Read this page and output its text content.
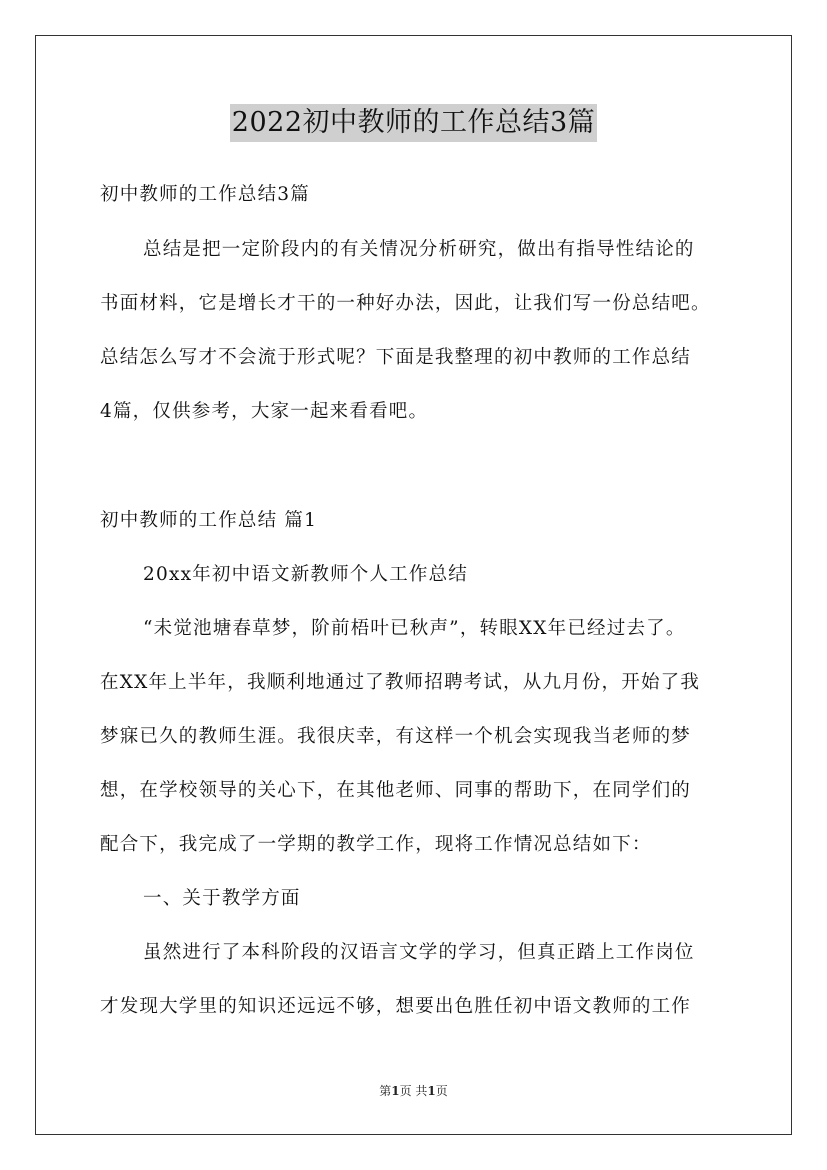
2022初中教师的工作总结3篇
初中教师的工作总结3篇
总结是把一定阶段内的有关情况分析研究，做出有指导性结论的
书面材料，它是增长才干的一种好办法，因此，让我们写一份总结吧。
总结怎么写才不会流于形式呢？下面是我整理的初中教师的工作总结
4篇，仅供参考，大家一起来看看吧。
初中教师的工作总结 篇1
20xx年初中语文新教师个人工作总结
“未觉池塘春草梦，阶前梧叶已秋声”，转眼XX年已经过去了。
在XX年上半年，我顺利地通过了教师招聘考试，从九月份，开始了我
梦寐已久的教师生涯。我很庆幸，有这样一个机会实现我当老师的梦
想，在学校领导的关心下，在其他老师、同事的帮助下，在同学们的
配合下，我完成了一学期的教学工作，现将工作情况总结如下：
一、关于教学方面
虽然进行了本科阶段的汉语言文学的学习，但真正踏上工作岗位
才发现大学里的知识还远远不够，想要出色胜任初中语文教师的工作
第1页 共1页
